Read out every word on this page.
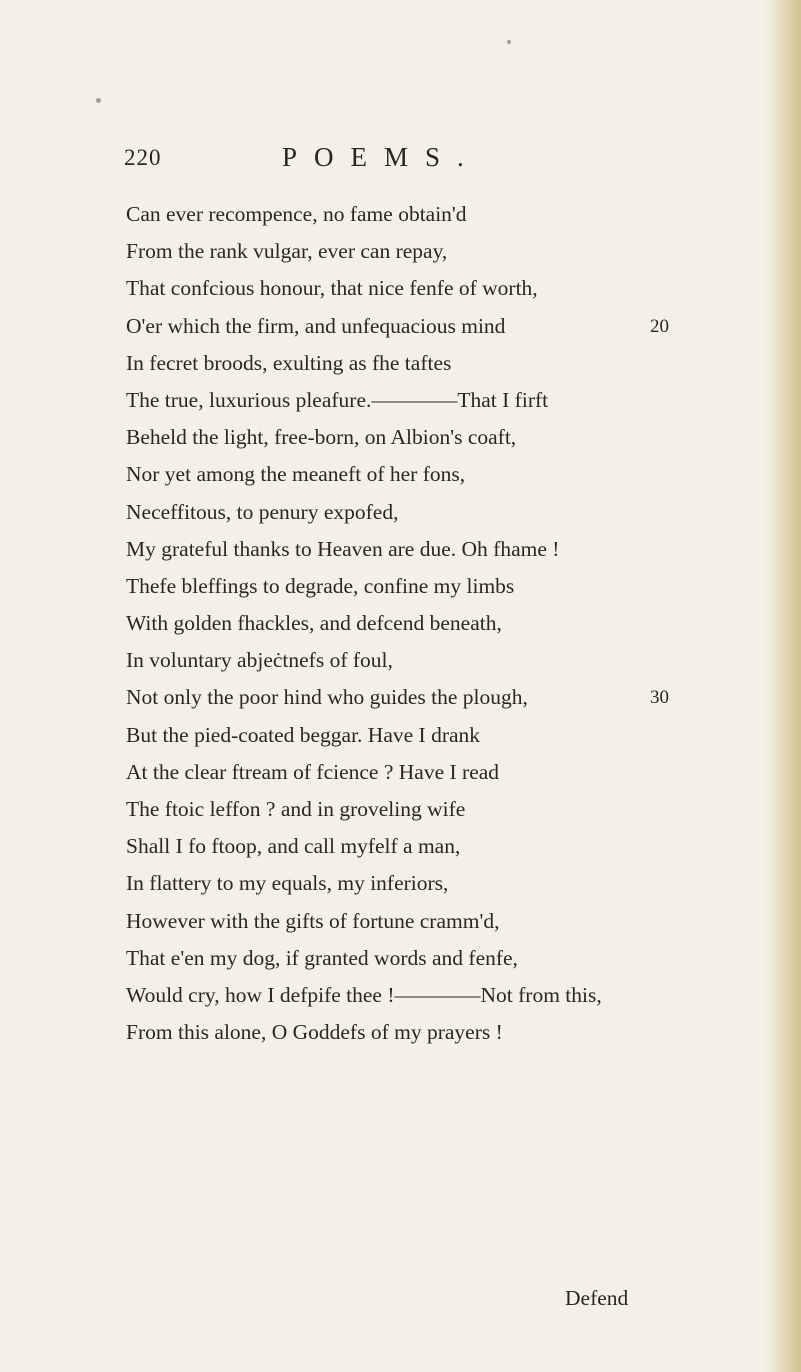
220	POEMS.
Can ever recompence, no fame obtain'd
From the rank vulgar, ever can repay,
That confcious honour, that nice fenfe of worth,
O'er which the firm, and unfequacious mind	20
In fecret broods, exulting as fhe taftes
The true, luxurious pleafure.————That I firft
Beheld the light, free-born, on Albion's coaft,
Nor yet among the meaneft of her fons,
Neceffitous, to penury expofed,
My grateful thanks to Heaven are due. Oh fhame !
Thefe bleffings to degrade, confine my limbs
With golden fhackles, and defcend beneath,
In voluntary abjeċtnefs of foul,
Not only the poor hind who guides the plough,	30
But the pied-coated beggar. Have I drank
At the clear ftream of fcience ? Have I read
The ftoic leffon ? and in groveling wife
Shall I fo ftoop, and call myfelf a man,
In flattery to my equals, my inferiors,
However with the gifts of fortune cramm'd,
That e'en my dog, if granted words and fenfe,
Would cry, how I defpife thee !————Not from this,
From this alone, O Goddefs of my prayers !
Defend
